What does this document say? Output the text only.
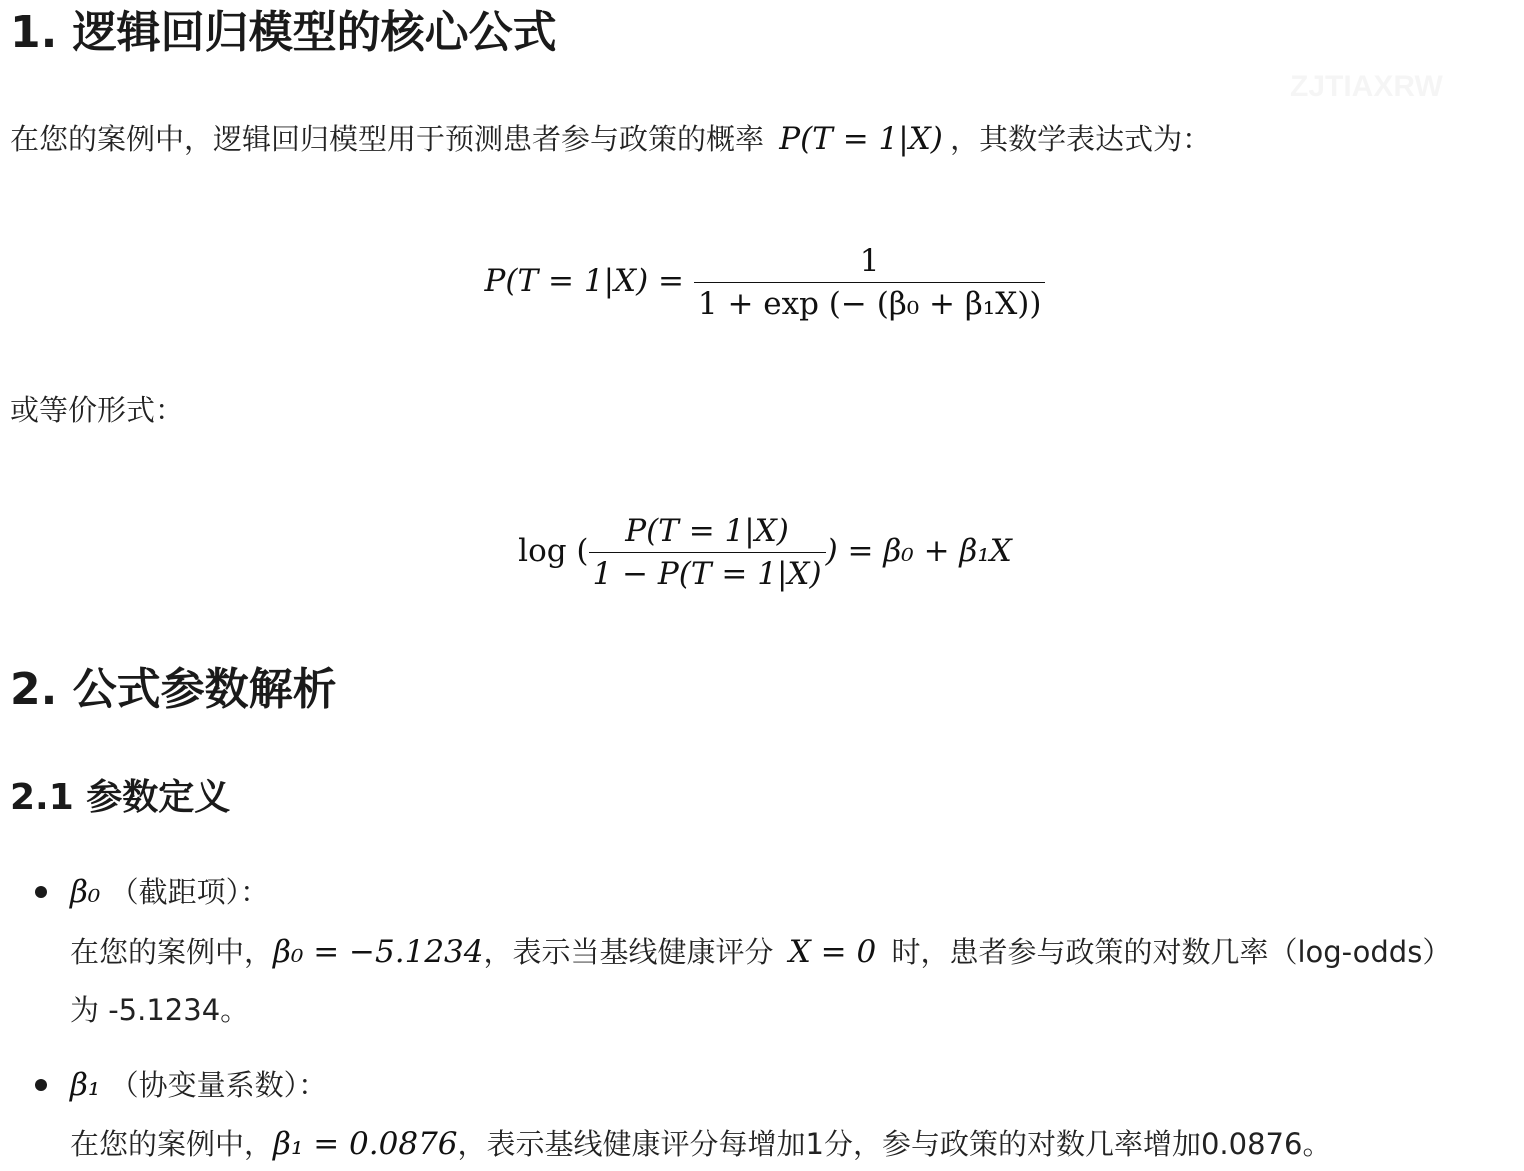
1. 逻辑回归模型的核心公式

在您的案例中，逻辑回归模型用于预测患者参与政策的概率 P(T = 1|X) ，其数学表达式为：

$P(T = 1|X) = \frac{1}{\text{1 + exp (− (β₀ + β₁X))}}$

或等价形式：

log ( $\frac{P(T = 1|X)}{1 - P(T = 1|X)}$ ) = β₀ + β₁X
2. 公式参数解析
2.1 参数定义

β₀ （截距项）：

在您的案例中，β₀ = −5.1234，表示当基线健康评分 X = 0 时，患者参与政策的对数几率（log-odds）

为 -5.1234。

β₁ （协变量系数）：

在您的案例中，β₁ = 0.0876，表示基线健康评分每增加1分，参与政策的对数几率增加0.0876。
